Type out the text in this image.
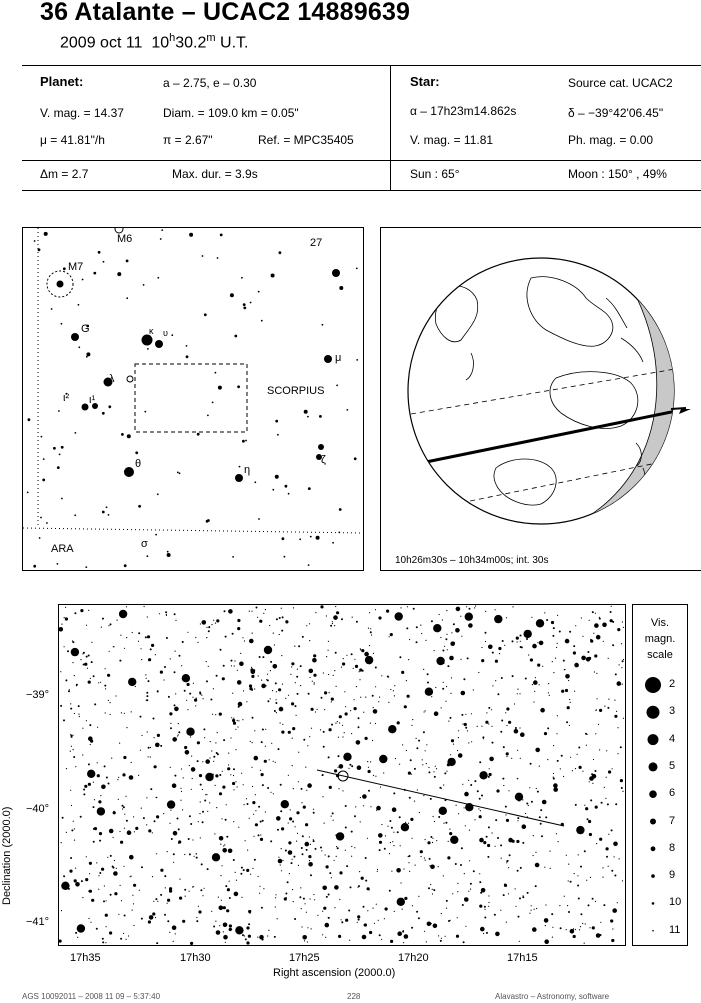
36 Atalante – UCAC2 14889639
2009 oct 11 10$^h$30.2$^m$ U.T.
Planet:	a – 2.75, e – 0.30
V. mag. = 14.37	Diam. = 109.0 km = 0.05"
μ = 41.81"/h	π = 2.67"	Ref. = MPC35405
Star:	Source cat. UCAC2
α – 17h23m14.862s	δ – −39°42'06.45"
V. mag. = 11.81	Ph. mag. = 0.00
Δm = 2.7	Max. dur. = 3.9s	Sun : 65°	Moon : 150° , 49%
M6
M7
27
G	κ υ
ι² ι¹
λ
μ
SCORPIUS
θ	η
ζ
ARA	σ
10h26m30s – 10h34m00s; int. 30s
−39°
−40°
−41°
Declination (2000.0)
17h35	17h30	17h25	17h20	17h15
Right ascension (2000.0)
Vis.
magn.
scale
2
3
4
5
6
7
8
9
10
11
AGS 10092011 – 2008 11 09 – 5:37:40	228	Alavastro – Astronomy, software
